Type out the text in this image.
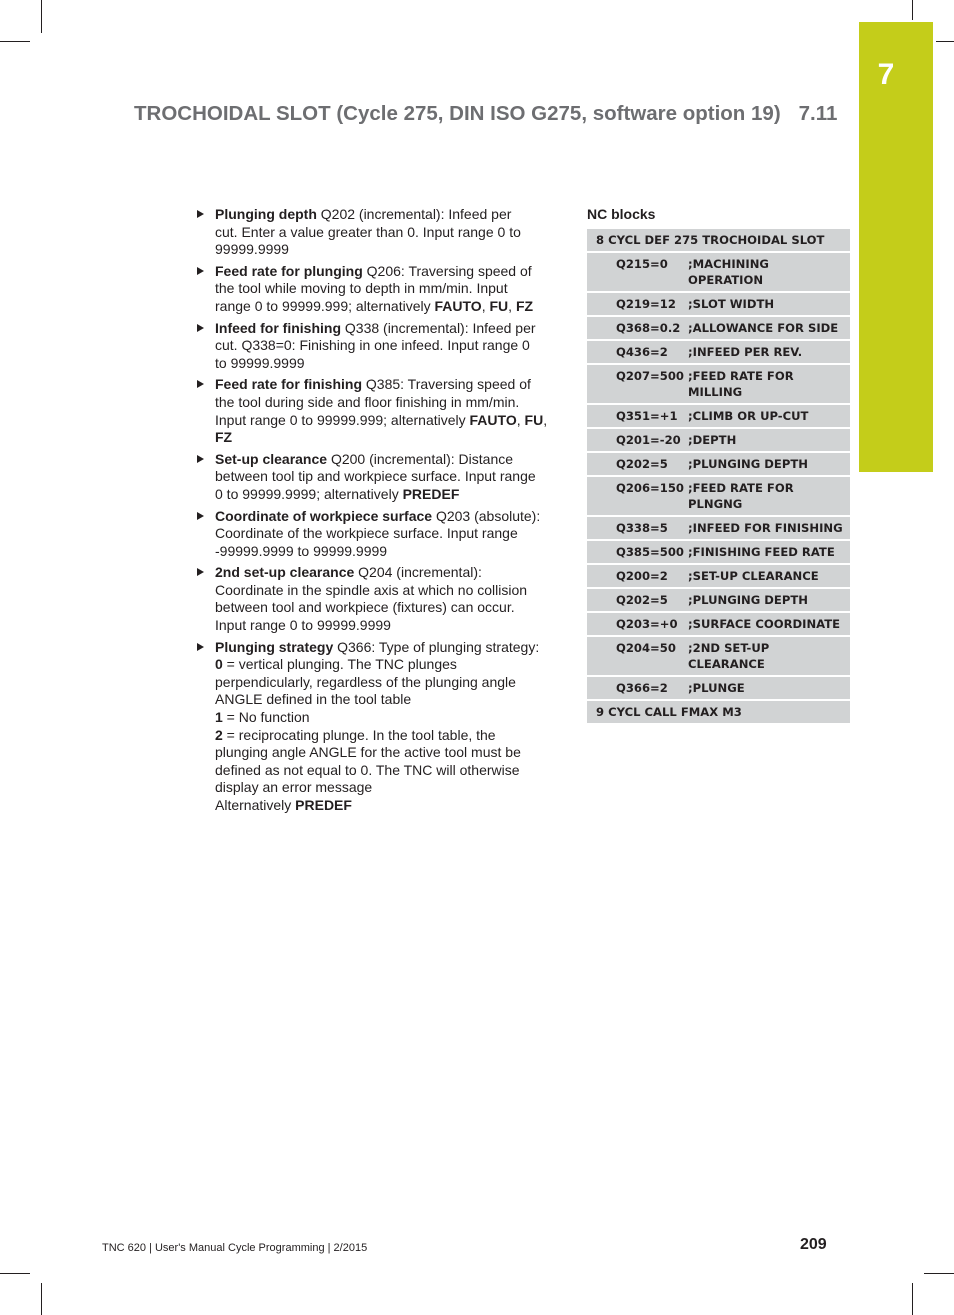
7
TROCHOIDAL SLOT (Cycle 275, DIN ISO G275, software option 19) 7.11
Plunging depth Q202 (incremental): Infeed per
cut. Enter a value greater than 0. Input range 0 to
99999.9999
Feed rate for plunging Q206: Traversing speed of
the tool while moving to depth in mm/min. Input
range 0 to 99999.999; alternatively FAUTO, FU, FZ
Infeed for finishing Q338 (incremental): Infeed per
cut. Q338=0: Finishing in one infeed. Input range 0
to 99999.9999
Feed rate for finishing Q385: Traversing speed of
the tool during side and floor finishing in mm/min.
Input range 0 to 99999.999; alternatively FAUTO, FU, FZ
Set-up clearance Q200 (incremental): Distance
between tool tip and workpiece surface. Input range
0 to 99999.9999; alternatively PREDEF
Coordinate of workpiece surface Q203 (absolute):
Coordinate of the workpiece surface. Input range
-99999.9999 to 99999.9999
2nd set-up clearance Q204 (incremental):
Coordinate in the spindle axis at which no collision
between tool and workpiece (fixtures) can occur.
Input range 0 to 99999.9999
Plunging strategy Q366: Type of plunging strategy:
0 = vertical plunging. The TNC plunges
perpendicularly, regardless of the plunging angle
ANGLE defined in the tool table
1 = No function
2 = reciprocating plunge. In the tool table, the
plunging angle ANGLE for the active tool must be
defined as not equal to 0. The TNC will otherwise
display an error message
Alternatively PREDEF
NC blocks
8 CYCL DEF 275 TROCHOIDAL SLOT
Q215=0	;MACHINING
OPERATION
Q219=12	;SLOT WIDTH
Q368=0.2 ;ALLOWANCE FOR SIDE
Q436=2	;INFEED PER REV.
Q207=500 ;FEED RATE FOR
MILLING
Q351=+1 ;CLIMB OR UP-CUT
Q201=-20 ;DEPTH
Q202=5	;PLUNGING DEPTH
Q206=150 ;FEED RATE FOR
PLNGNG
Q338=5	;INFEED FOR FINISHING
Q385=500 ;FINISHING FEED RATE
Q200=2	;SET-UP CLEARANCE
Q202=5	;PLUNGING DEPTH
Q203=+0 ;SURFACE COORDINATE
Q204=50	;2ND SET-UP
CLEARANCE
Q366=2	;PLUNGE
9 CYCL CALL FMAX M3
TNC 620 | User's Manual Cycle Programming | 2/2015	209
